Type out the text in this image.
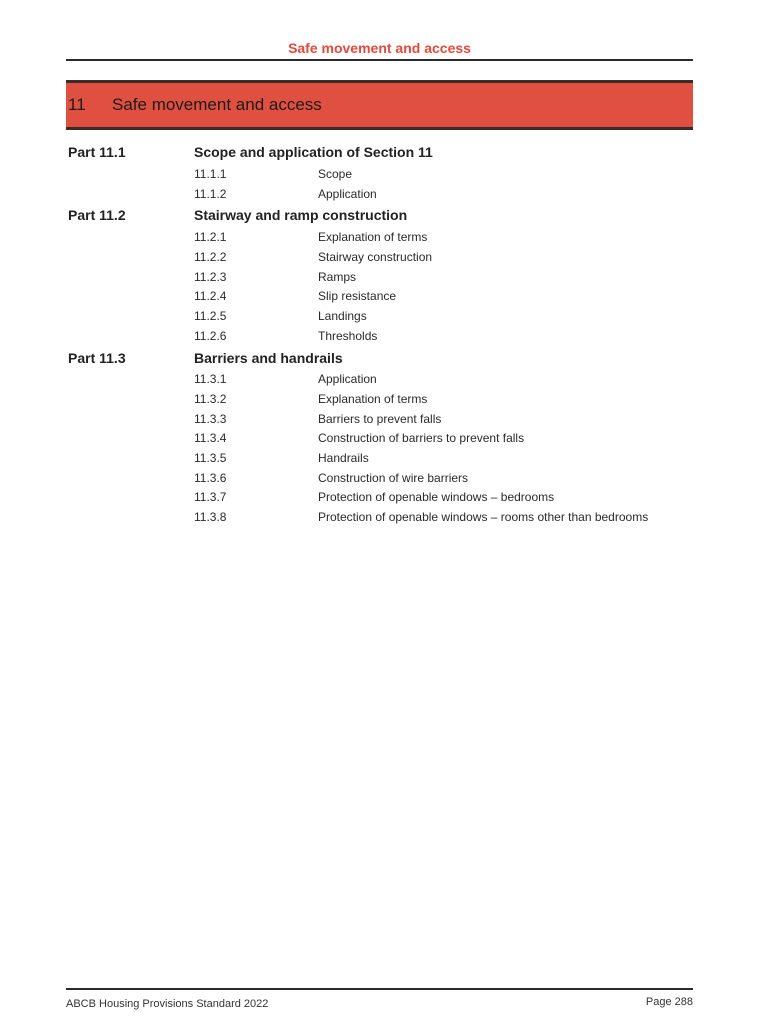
Safe movement and access
11	Safe movement and access
Part 11.1	Scope and application of Section 11
11.1.1	Scope
11.1.2	Application
Part 11.2	Stairway and ramp construction
11.2.1	Explanation of terms
11.2.2	Stairway construction
11.2.3	Ramps
11.2.4	Slip resistance
11.2.5	Landings
11.2.6	Thresholds
Part 11.3	Barriers and handrails
11.3.1	Application
11.3.2	Explanation of terms
11.3.3	Barriers to prevent falls
11.3.4	Construction of barriers to prevent falls
11.3.5	Handrails
11.3.6	Construction of wire barriers
11.3.7	Protection of openable windows – bedrooms
11.3.8	Protection of openable windows – rooms other than bedrooms
ABCB Housing Provisions Standard 2022	Page 288
